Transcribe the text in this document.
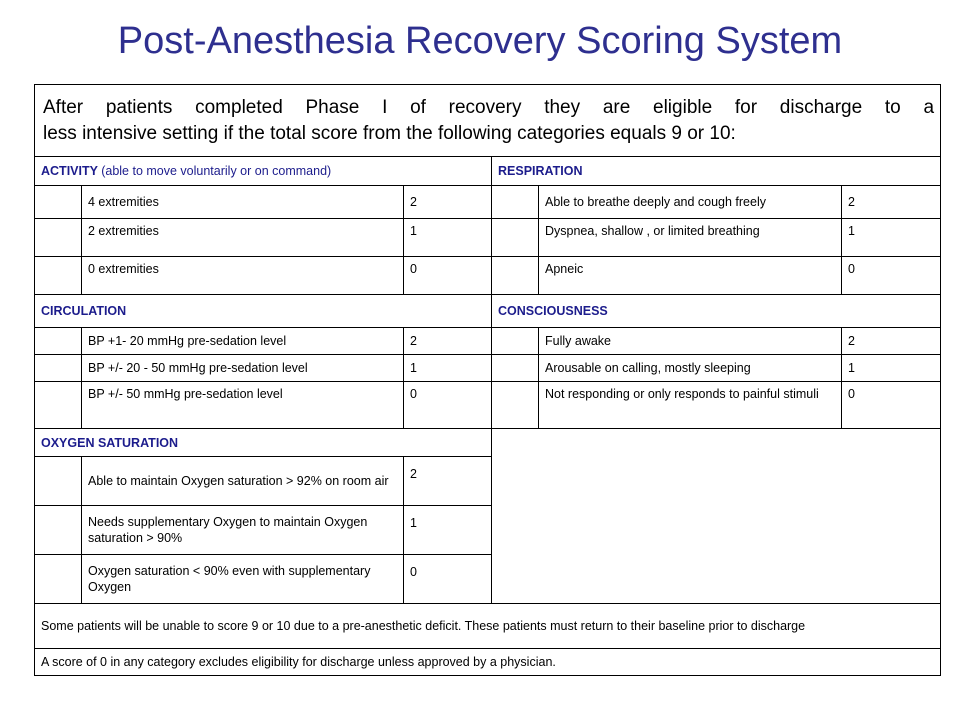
Post-Anesthesia Recovery Scoring System
After patients completed Phase I of recovery they are eligible for discharge to a
less intensive setting if the total score from the following categories equals 9 or 10:					

ACTIVITY (able to move voluntarily or on command)			RESPIRATION		
	4 extremities	2		Able to breathe deeply and cough freely	2
	2 extremities	1		Dyspnea, shallow , or limited breathing	1
	0 extremities	0		Apneic	0
CIRCULATION			CONSCIOUSNESS		
	BP +1- 20 mmHg pre-sedation level	2		Fully awake	2
	BP +/- 20 - 50 mmHg pre-sedation level	1		Arousable on calling, mostly sleeping	1
	BP +/- 50 mmHg pre-sedation level	0		Not responding or only responds to painful stimuli	0
OXYGEN SATURATION					
	Able to maintain Oxygen saturation > 92% on room air	2			
	Needs supplementary Oxygen to maintain Oxygen saturation > 90%	1			
	Oxygen saturation < 90% even with supplementary Oxygen	0			
Some patients will be unable to score 9 or 10 due to a pre-anesthetic deficit. These patients must return to their baseline prior to discharge					
A score of 0 in any category excludes eligibility for discharge unless approved by a physician.					
